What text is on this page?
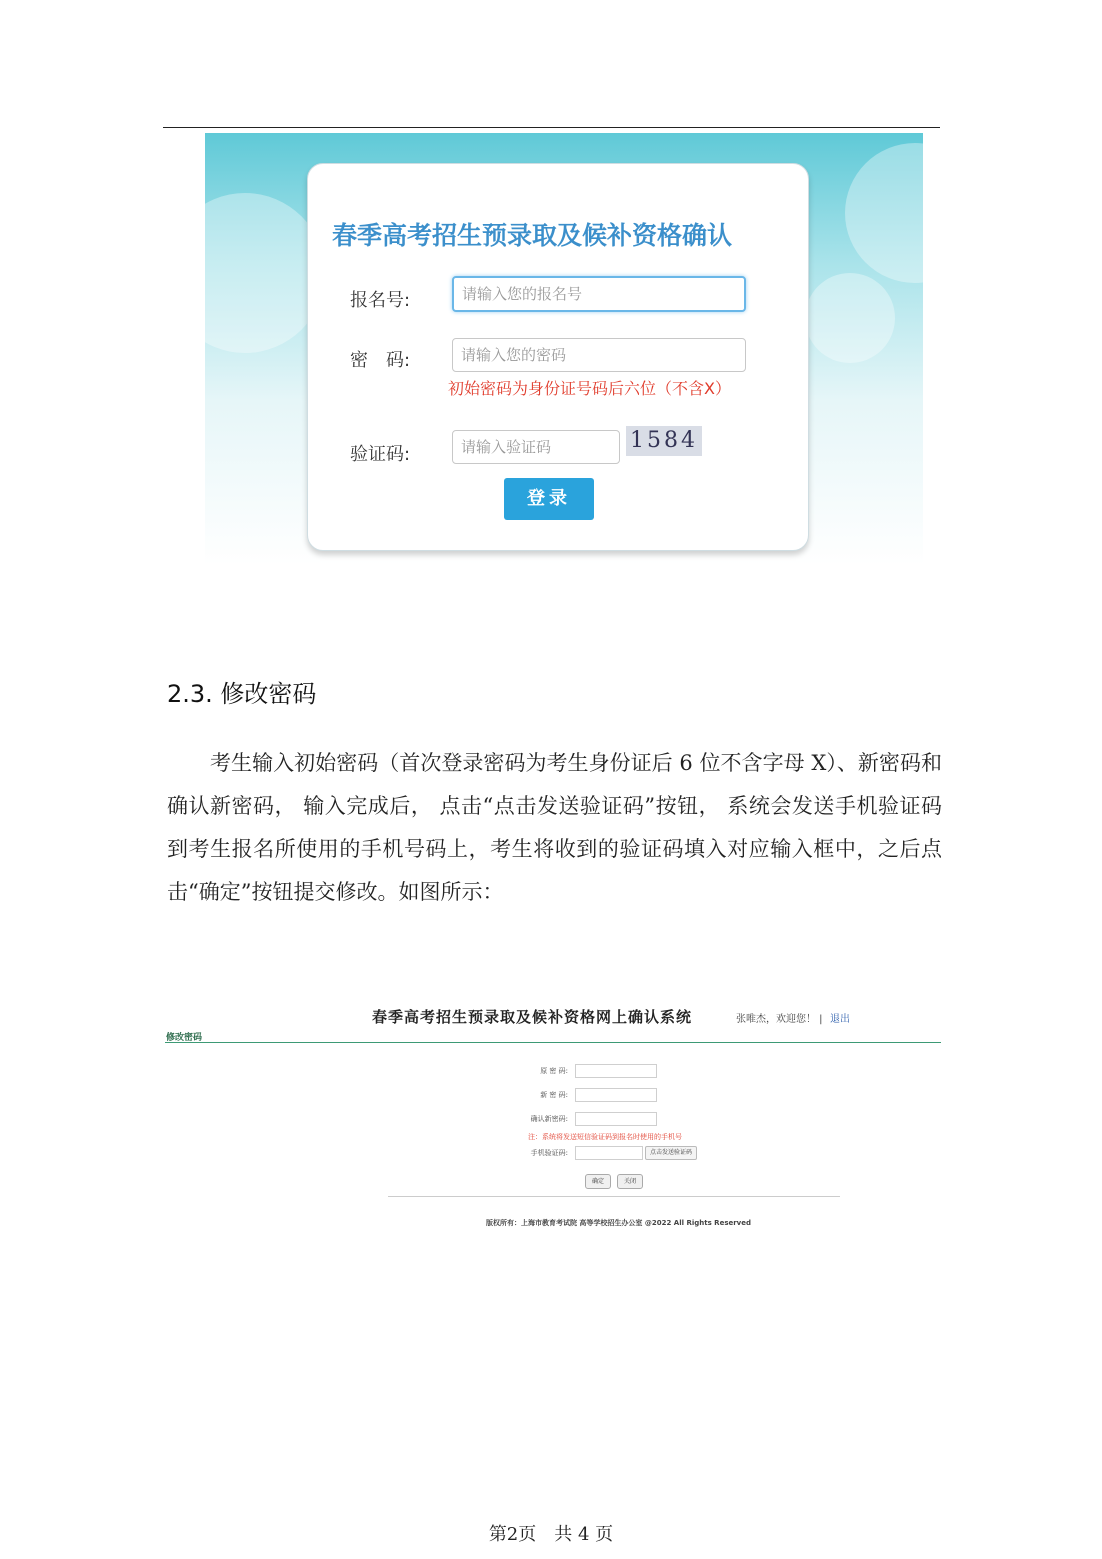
春季高考招生预录取及候补资格确认
报名号:	请输入您的报名号
密　码:	请输入您的密码
初始密码为身份证号码后六位（不含X）
验证码:	请输入验证码	1584
登录
2.3. 修改密码
考生输入初始密码（首次登录密码为考生身份证后 6 位不含字母 X）、新密码和确认新密码， 输入完成后， 点击“点击发送验证码”按钮， 系统会发送手机验证码到考生报名所使用的手机号码上，考生将收到的验证码填入对应输入框中，之后点击“确定”按钮提交修改。如图所示：
春季高考招生预录取及候补资格网上确认系统	张唯杰，欢迎您！ | 退出
修改密码
原 密 码:
新 密 码:
确认新密码:
注：系统将发送短信验证码到报名时使用的手机号
手机验证码:	点击发送验证码
确定	关闭
版权所有：上海市教育考试院 高等学校招生办公室 @2022 All Rights Reserved
第2页　共 4 页
